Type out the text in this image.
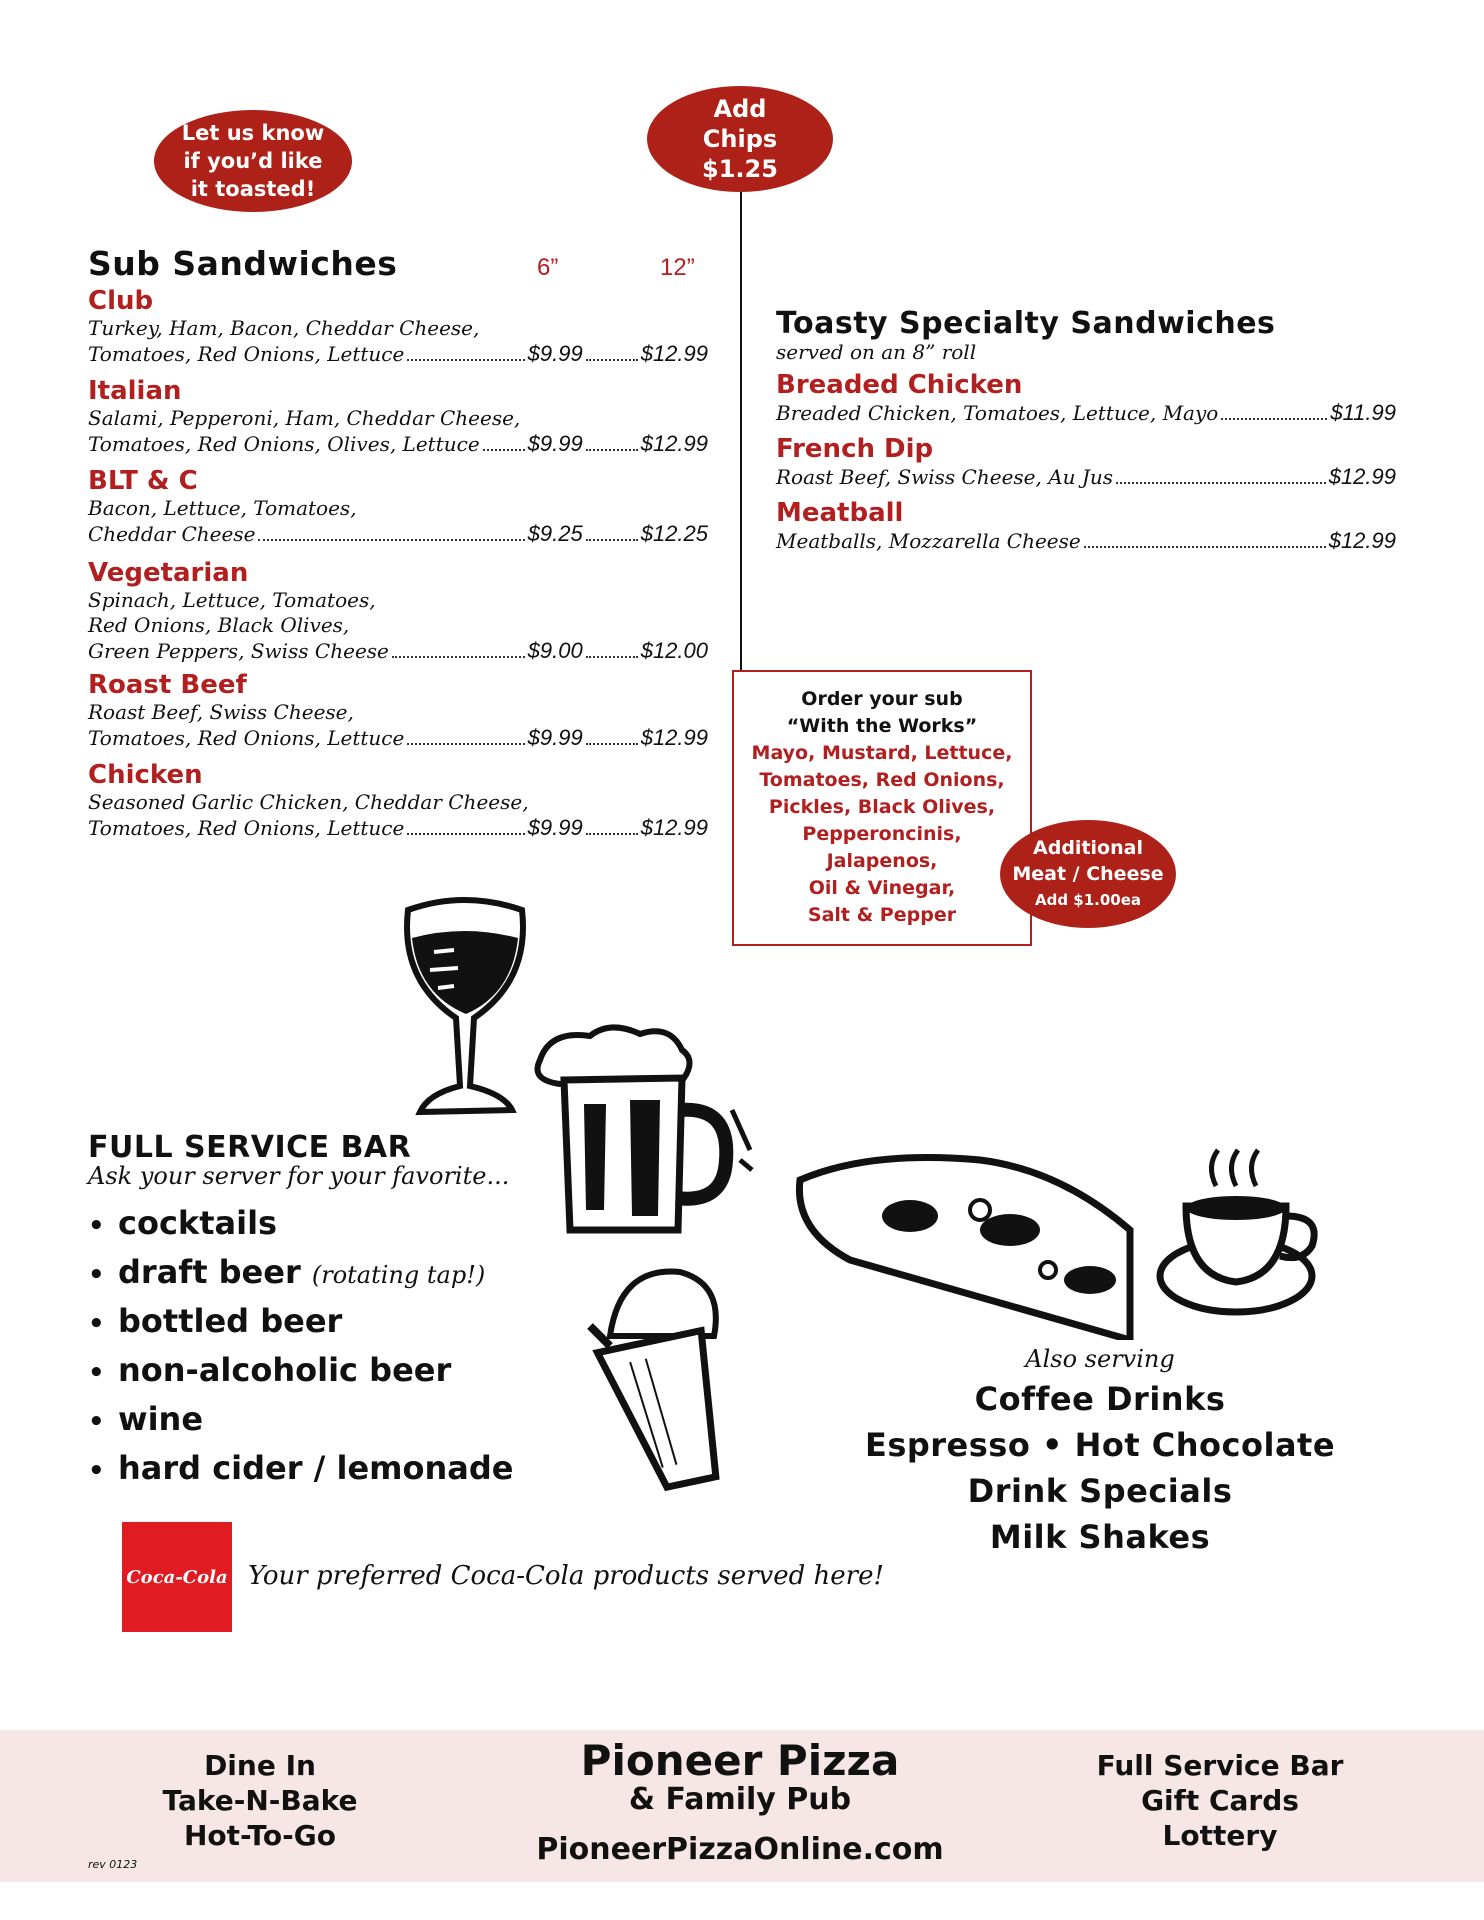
Let us know
if you’d like
it toasted!
Add
Chips
$1.25
Sub Sandwiches	6”	12”
Club
Turkey, Ham, Bacon, Cheddar Cheese,
Tomatoes, Red Onions, Lettuce	$9.99	$12.99
Italian
Salami, Pepperoni, Ham, Cheddar Cheese,
Tomatoes, Red Onions, Olives, Lettuce $9.99	$12.99
BLT & C
Bacon, Lettuce, Tomatoes,
Cheddar Cheese	$9.25	$12.25
Vegetarian
Spinach, Lettuce, Tomatoes,
Red Onions, Black Olives,
Green Peppers, Swiss Cheese	$9.00	$12.00
Roast Beef
Roast Beef, Swiss Cheese,
Tomatoes, Red Onions, Lettuce	$9.99	$12.99
Chicken
Seasoned Garlic Chicken, Cheddar Cheese,
Tomatoes, Red Onions, Lettuce	$9.99	$12.99
Toasty Specialty Sandwiches
served on an 8” roll
Breaded Chicken
Breaded Chicken, Tomatoes, Lettuce, Mayo	$11.99
French Dip
Roast Beef, Swiss Cheese, Au Jus	$12.99
Meatball
Meatballs, Mozzarella Cheese	$12.99
Order your sub
“With the Works”
Mayo, Mustard, Lettuce,
Tomatoes, Red Onions,
Pickles, Black Olives,
Pepperoncinis,
Jalapenos,
Oil & Vinegar,
Salt & Pepper
Additional
Meat / Cheese
Add $1.00ea
FULL SERVICE BAR
Ask your server for your favorite...
• cocktails
• draft beer (rotating tap!)
• bottled beer
• non-alcoholic beer
• wine
• hard cider / lemonade
Also serving
Coffee Drinks
Espresso • Hot Chocolate
Drink Specials
Milk Shakes
Coca-Cola Your preferred Coca-Cola products served here!
Dine In
Take-N-Bake
Hot-To-Go
Pioneer Pizza
& Family Pub
PioneerPizzaOnline.com
Full Service Bar
Gift Cards
Lottery
rev 0123
